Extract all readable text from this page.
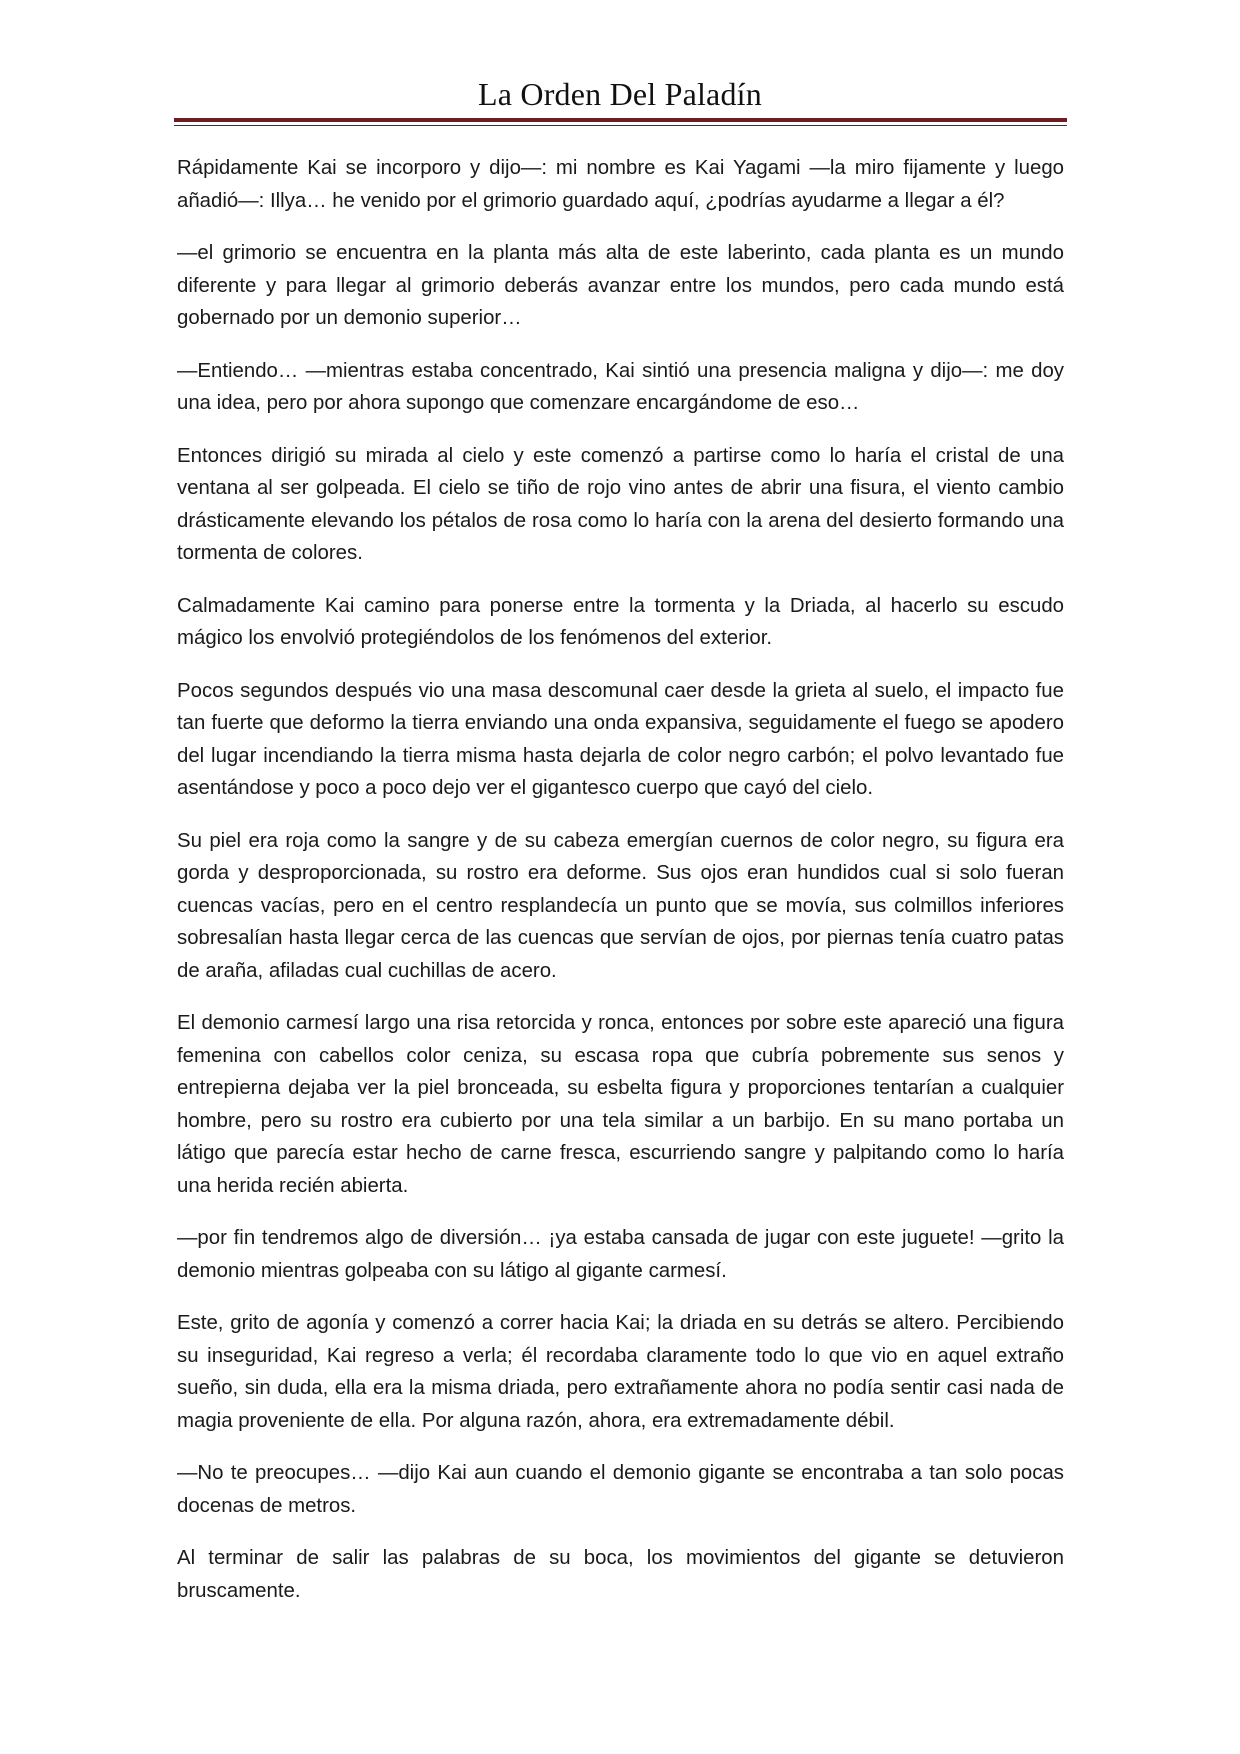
La Orden Del Paladín

Rápidamente Kai se incorporo y dijo—: mi nombre es Kai Yagami —la miro fijamente y luego añadió—: Illya… he venido por el grimorio guardado aquí, ¿podrías ayudarme a llegar a él?

—el grimorio se encuentra en la planta más alta de este laberinto, cada planta es un mundo diferente y para llegar al grimorio deberás avanzar entre los mundos, pero cada mundo está gobernado por un demonio superior…

—Entiendo… —mientras estaba concentrado, Kai sintió una presencia maligna y dijo—: me doy una idea, pero por ahora supongo que comenzare encargándome de eso…

Entonces dirigió su mirada al cielo y este comenzó a partirse como lo haría el cristal de una ventana al ser golpeada. El cielo se tiño de rojo vino antes de abrir una fisura, el viento cambio drásticamente elevando los pétalos de rosa como lo haría con la arena del desierto formando una tormenta de colores.

Calmadamente Kai camino para ponerse entre la tormenta y la Driada, al hacerlo su escudo mágico los envolvió protegiéndolos de los fenómenos del exterior.

Pocos segundos después vio una masa descomunal caer desde la grieta al suelo, el impacto fue tan fuerte que deformo la tierra enviando una onda expansiva, seguidamente el fuego se apodero del lugar incendiando la tierra misma hasta dejarla de color negro carbón; el polvo levantado fue asentándose y poco a poco dejo ver el gigantesco cuerpo que cayó del cielo.

Su piel era roja como la sangre y de su cabeza emergían cuernos de color negro, su figura era gorda y desproporcionada, su rostro era deforme. Sus ojos eran hundidos cual si solo fueran cuencas vacías, pero en el centro resplandecía un punto que se movía, sus colmillos inferiores sobresalían hasta llegar cerca de las cuencas que servían de ojos, por piernas tenía cuatro patas de araña, afiladas cual cuchillas de acero.

El demonio carmesí largo una risa retorcida y ronca, entonces por sobre este apareció una figura femenina con cabellos color ceniza, su escasa ropa que cubría pobremente sus senos y entrepierna dejaba ver la piel bronceada, su esbelta figura y proporciones tentarían a cualquier hombre, pero su rostro era cubierto por una tela similar a un barbijo. En su mano portaba un látigo que parecía estar hecho de carne fresca, escurriendo sangre y palpitando como lo haría una herida recién abierta.

—por fin tendremos algo de diversión… ¡ya estaba cansada de jugar con este juguete! —grito la demonio mientras golpeaba con su látigo al gigante carmesí.

Este, grito de agonía y comenzó a correr hacia Kai; la driada en su detrás se altero. Percibiendo su inseguridad, Kai regreso a verla; él recordaba claramente todo lo que vio en aquel extraño sueño, sin duda, ella era la misma driada, pero extrañamente ahora no podía sentir casi nada de magia proveniente de ella. Por alguna razón, ahora, era extremadamente débil.

—No te preocupes… —dijo Kai aun cuando el demonio gigante se encontraba a tan solo pocas docenas de metros.

Al terminar de salir las palabras de su boca, los movimientos del gigante se detuvieron bruscamente.
